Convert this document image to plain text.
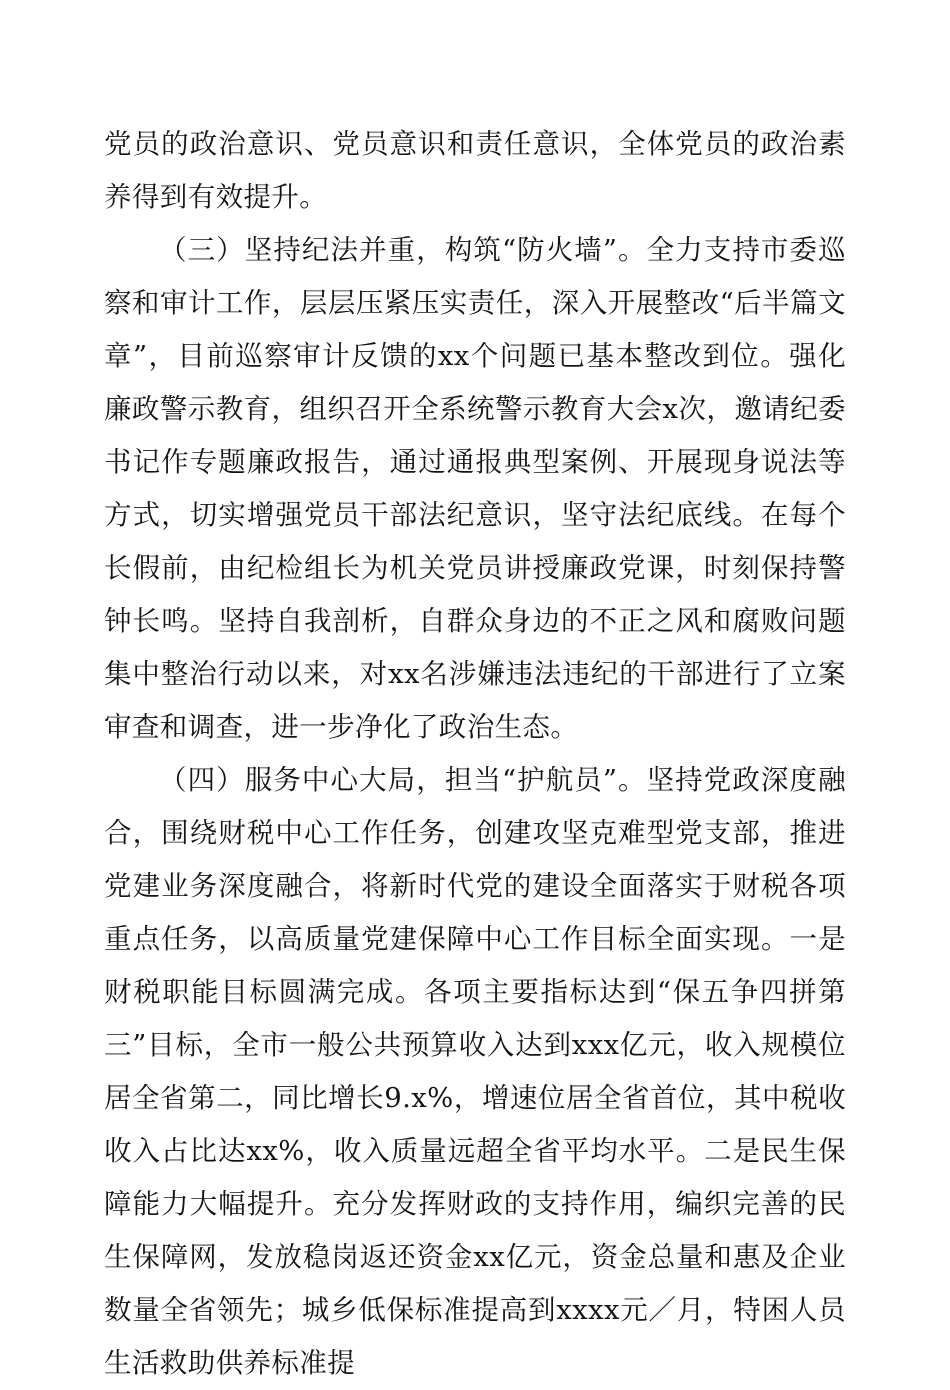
党员的政治意识、党员意识和责任意识，全体党员的政治素养得到有效提升。

（三）坚持纪法并重，构筑“防火墙”。全力支持市委巡察和审计工作，层层压紧压实责任，深入开展整改“后半篇文章”，目前巡察审计反馈的xx个问题已基本整改到位。强化廉政警示教育，组织召开全系统警示教育大会x次，邀请纪委书记作专题廉政报告，通过通报典型案例、开展现身说法等方式，切实增强党员干部法纪意识，坚守法纪底线。在每个长假前，由纪检组长为机关党员讲授廉政党课，时刻保持警钟长鸣。坚持自我剖析，自群众身边的不正之风和腐败问题集中整治行动以来，对xx名涉嫌违法违纪的干部进行了立案审查和调查，进一步净化了政治生态。

（四）服务中心大局，担当“护航员”。坚持党政深度融合，围绕财税中心工作任务，创建攻坚克难型党支部，推进党建业务深度融合，将新时代党的建设全面落实于财税各项重点任务，以高质量党建保障中心工作目标全面实现。一是财税职能目标圆满完成。各项主要指标达到“保五争四拼第三”目标，全市一般公共预算收入达到xxx亿元，收入规模位居全省第二，同比增长9.x%，增速位居全省首位，其中税收收入占比达xx%，收入质量远超全省平均水平。二是民生保障能力大幅提升。充分发挥财政的支持作用，编织完善的民生保障网，发放稳岗返还资金xx亿元，资金总量和惠及企业数量全省领先；城乡低保标准提高到xxxx元／月，特困人员生活救助供养标准提
